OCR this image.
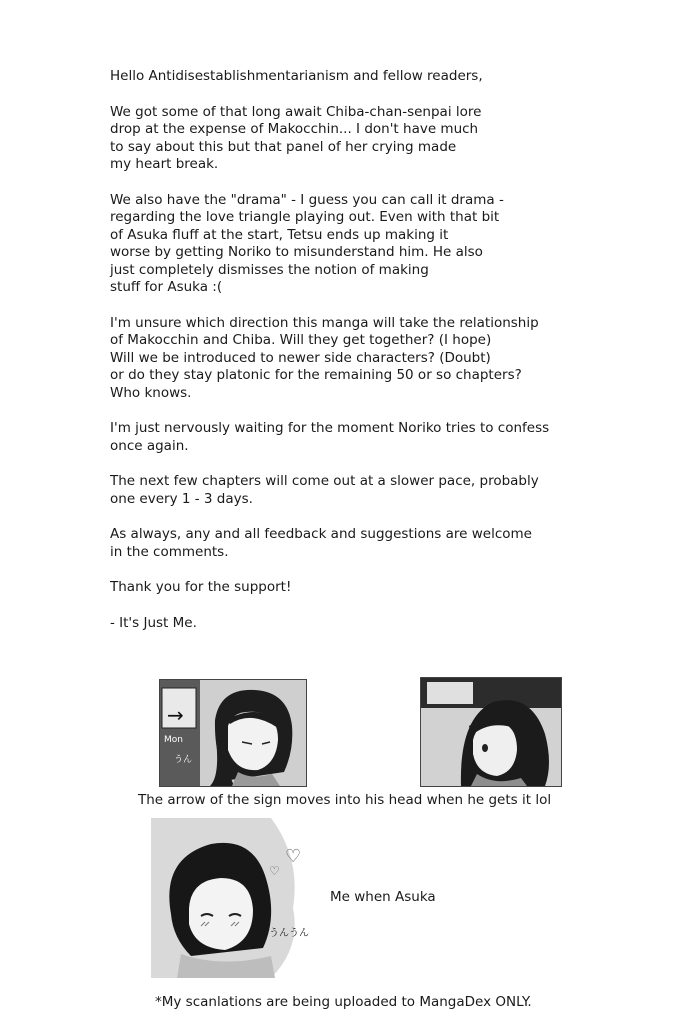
Hello Antidisestablishmentarianism and fellow readers,

We got some of that long await Chiba-chan-senpai lore
drop at the expense of Makocchin... I don't have much
to say about this but that panel of her crying made
my heart break.

We also have the "drama" - I guess you can call it drama -
regarding the love triangle playing out. Even with that bit
of Asuka fluff at the start, Tetsu ends up making it
worse by getting Noriko to misunderstand him. He also
just completely dismisses the notion of making
stuff for Asuka :(

I'm unsure which direction this manga will take the relationship
of Makocchin and Chiba. Will they get together? (I hope)
Will we be introduced to newer side characters? (Doubt)
or do they stay platonic for the remaining 50 or so chapters?
Who knows.

I'm just nervously waiting for the moment Noriko tries to confess
once again.

The next few chapters will come out at a slower pace, probably
one every 1 - 3 days.

As always, any and all feedback and suggestions are welcome
in the comments.

Thank you for the support!

- It's Just Me.

→
Mon
うん
The arrow of the sign moves into his head when he gets it lol
うんうん
♡
♡
Me when Asuka
*My scanlations are being uploaded to MangaDex ONLY.
